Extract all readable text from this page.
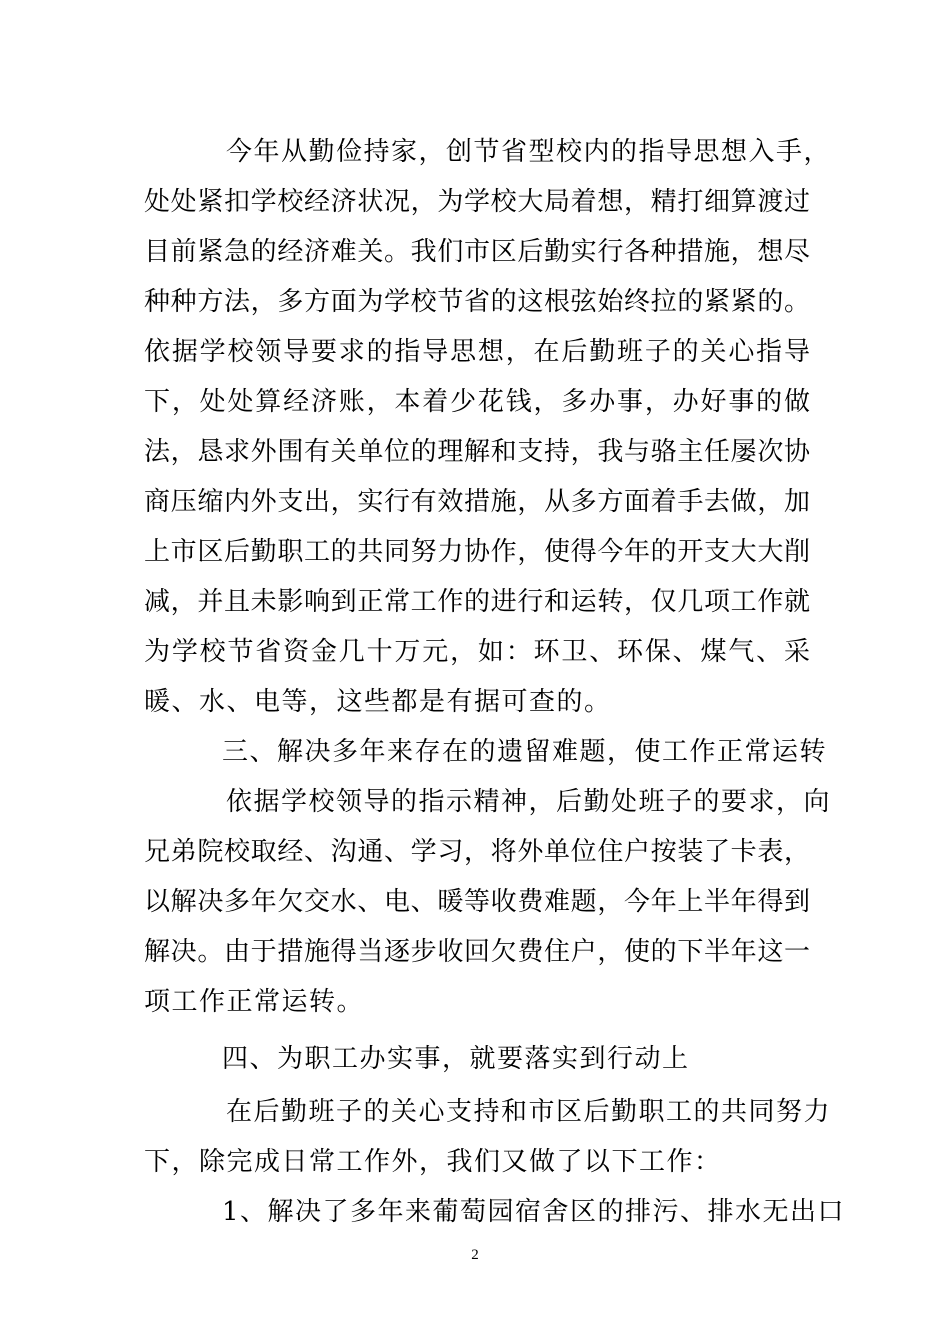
今年从勤俭持家，创节省型校内的指导思想入手，
处处紧扣学校经济状况，为学校大局着想，精打细算渡过
目前紧急的经济难关。我们市区后勤实行各种措施，想尽
种种方法，多方面为学校节省的这根弦始终拉的紧紧的。
依据学校领导要求的指导思想，在后勤班子的关心指导
下，处处算经济账，本着少花钱，多办事，办好事的做
法，恳求外围有关单位的理解和支持，我与骆主任屡次协
商压缩内外支出，实行有效措施，从多方面着手去做，加
上市区后勤职工的共同努力协作，使得今年的开支大大削
减，并且未影响到正常工作的进行和运转，仅几项工作就
为学校节省资金几十万元，如：环卫、环保、煤气、采
暖、水、电等，这些都是有据可查的。
三、解决多年来存在的遗留难题，使工作正常运转
依据学校领导的指示精神，后勤处班子的要求，向
兄弟院校取经、沟通、学习，将外单位住户按装了卡表，
以解决多年欠交水、电、暖等收费难题，今年上半年得到
解决。由于措施得当逐步收回欠费住户，使的下半年这一
项工作正常运转。
四、为职工办实事，就要落实到行动上
在后勤班子的关心支持和市区后勤职工的共同努力
下，除完成日常工作外，我们又做了以下工作：
1、解决了多年来葡萄园宿舍区的排污、排水无出口
2
